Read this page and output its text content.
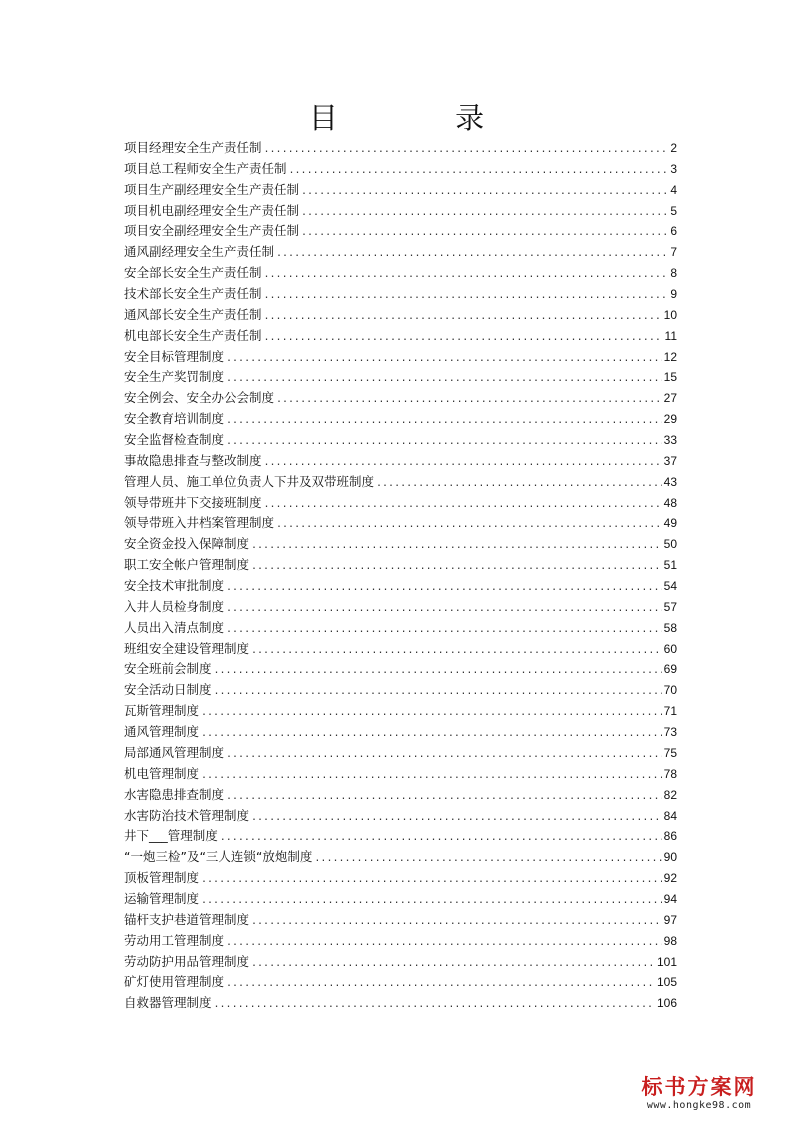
目 录
项目经理安全生产责任制 .....	2
项目总工程师安全生产责任制 .....	3
项目生产副经理安全生产责任制 .....	4
项目机电副经理安全生产责任制 .....	5
项目安全副经理安全生产责任制 .....	6
通风副经理安全生产责任制 .....	7
安全部长安全生产责任制 .....	8
技术部长安全生产责任制 .....	9
通风部长安全生产责任制 .....	10
机电部长安全生产责任制 .....	11
安全目标管理制度 .....	12
安全生产奖罚制度 .....	15
安全例会、安全办公会制度 .....	27
安全教育培训制度 .....	29
安全监督检查制度 .....	33
事故隐患排查与整改制度 .....	37
管理人员、施工单位负责人下井及双带班制度 .....	43
领导带班井下交接班制度 .....	48
领导带班入井档案管理制度 .....	49
安全资金投入保障制度 .....	50
职工安全帐户管理制度 .....	51
安全技术审批制度 .....	54
入井人员检身制度 .....	57
人员出入清点制度 .....	58
班组安全建设管理制度 .....	60
安全班前会制度 .....	69
安全活动日制度 .....	70
瓦斯管理制度 .....	71
通风管理制度 .....	73
局部通风管理制度 .....	75
机电管理制度 .....	78
水害隐患排查制度 .....	82
水害防治技术管理制度 .....	84
井下___管理制度 .....	86
“一炮三检”及“三人连锁“放炮制度 .....	90
顶板管理制度 .....	92
运输管理制度 .....	94
锚杆支护巷道管理制度 .....	97
劳动用工管理制度 .....	98
劳动防护用品管理制度 .....	101
矿灯使用管理制度 .....	105
自救器管理制度 .....	106
标书方案网
www.hongke98.com
